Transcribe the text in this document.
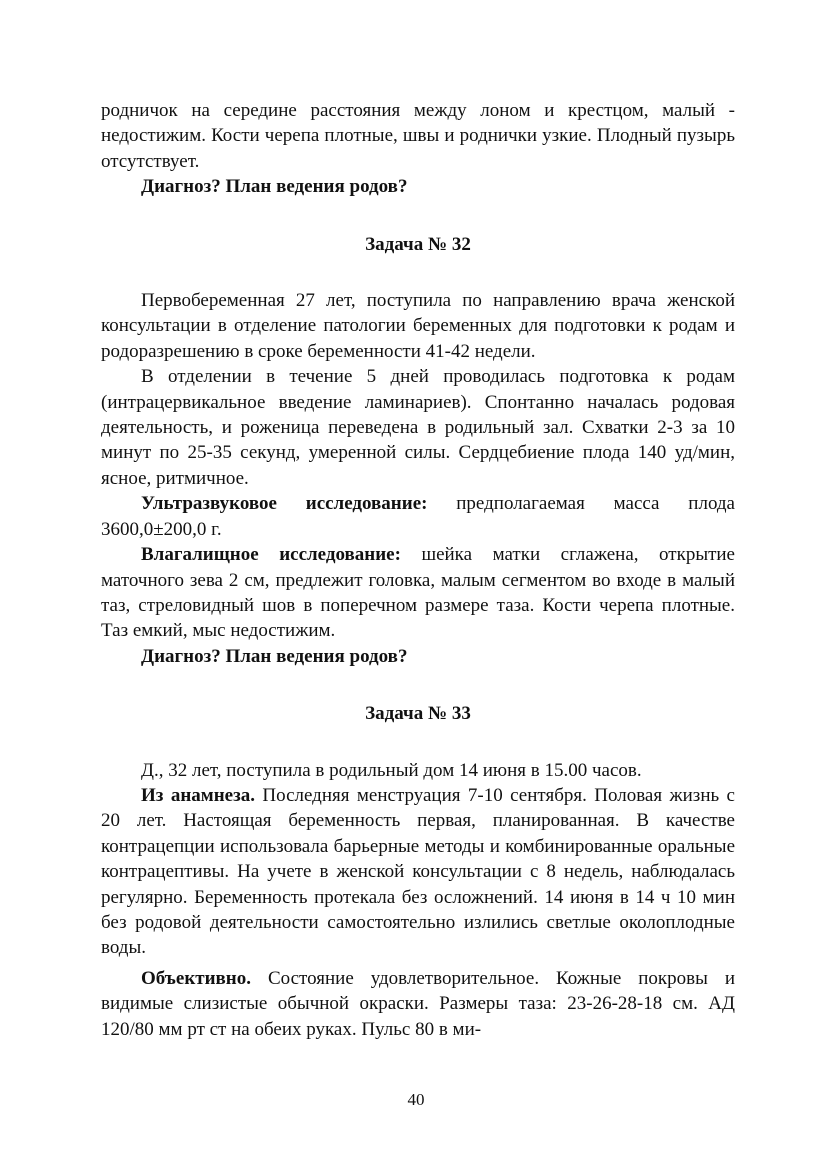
родничок на середине расстояния между лоном и крестцом, малый - недостижим. Кости черепа плотные, швы и роднички узкие. Плодный пузырь отсутствует.

Диагноз? План ведения родов?

Задача № 32

Первобеременная 27 лет, поступила по направлению врача женской консультации в отделение патологии беременных для подготовки к родам и родоразрешению в сроке беременности 41-42 недели.

В отделении в течение 5 дней проводилась подготовка к родам (интрацервикальное введение ламинариев). Спонтанно началась родовая деятельность, и роженица переведена в родильный зал. Схватки 2-3 за 10 минут по 25-35 секунд, умеренной силы. Сердцебиение плода 140 уд/мин, ясное, ритмичное.

Ультразвуковое исследование: предполагаемая масса плода 3600,0±200,0 г.

Влагалищное исследование: шейка матки сглажена, открытие маточного зева 2 см, предлежит головка, малым сегментом во входе в малый таз, стреловидный шов в поперечном размере таза. Кости черепа плотные. Таз емкий, мыс недостижим.

Диагноз? План ведения родов?

Задача № 33

Д., 32 лет, поступила в родильный дом 14 июня в 15.00 часов.

Из анамнеза. Последняя менструация 7-10 сентября. Половая жизнь с 20 лет. Настоящая беременность первая, планированная. В качестве контрацепции использовала барьерные методы и комбинированные оральные контрацептивы. На учете в женской консультации с 8 недель, наблюдалась регулярно. Беременность протекала без осложнений. 14 июня в 14 ч 10 мин без родовой деятельности самостоятельно излились светлые околоплодные воды.

Объективно. Состояние удовлетворительное. Кожные покровы и видимые слизистые обычной окраски. Размеры таза: 23-26-28-18 см. АД 120/80 мм рт ст на обеих руках. Пульс 80 в ми-

40
